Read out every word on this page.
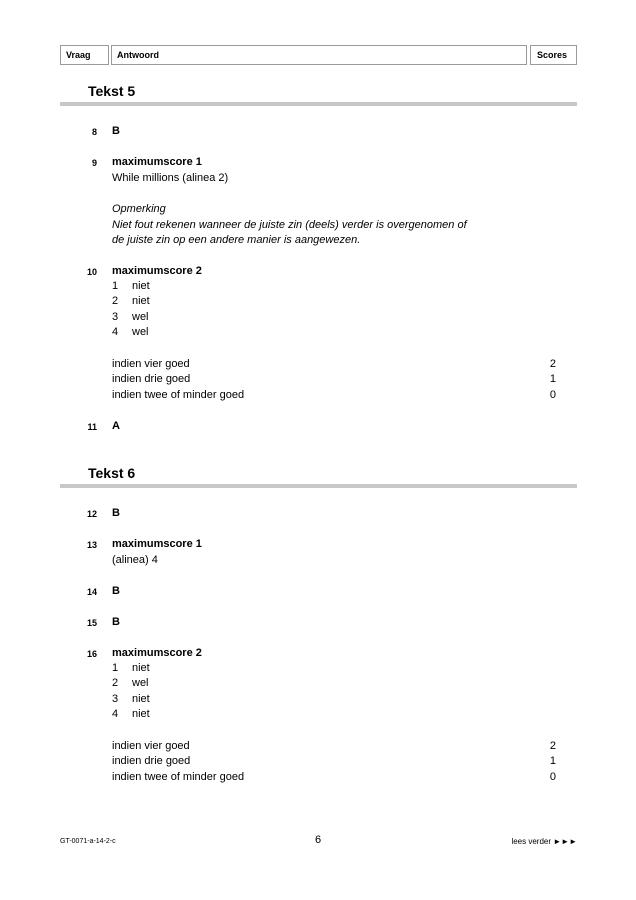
Vraag	Antwoord	Scores
Tekst 5
8 B
9 maximumscore 1
While millions (alinea 2)
Opmerking
Niet fout rekenen wanneer de juiste zin (deels) verder is overgenomen of
de juiste zin op een andere manier is aangewezen.
10 maximumscore 2
1 niet
2 niet
3 wel
4 wel
indien vier goed	2
indien drie goed	1
indien twee of minder goed	0
11 A
Tekst 6
12 B
13 maximumscore 1
(alinea) 4
14 B
15 B
16 maximumscore 2
1 niet
2 wel
3 niet
4 niet
indien vier goed	2
indien drie goed	1
indien twee of minder goed	0
GT-0071-a-14-2-c	6	lees verder ►►►
